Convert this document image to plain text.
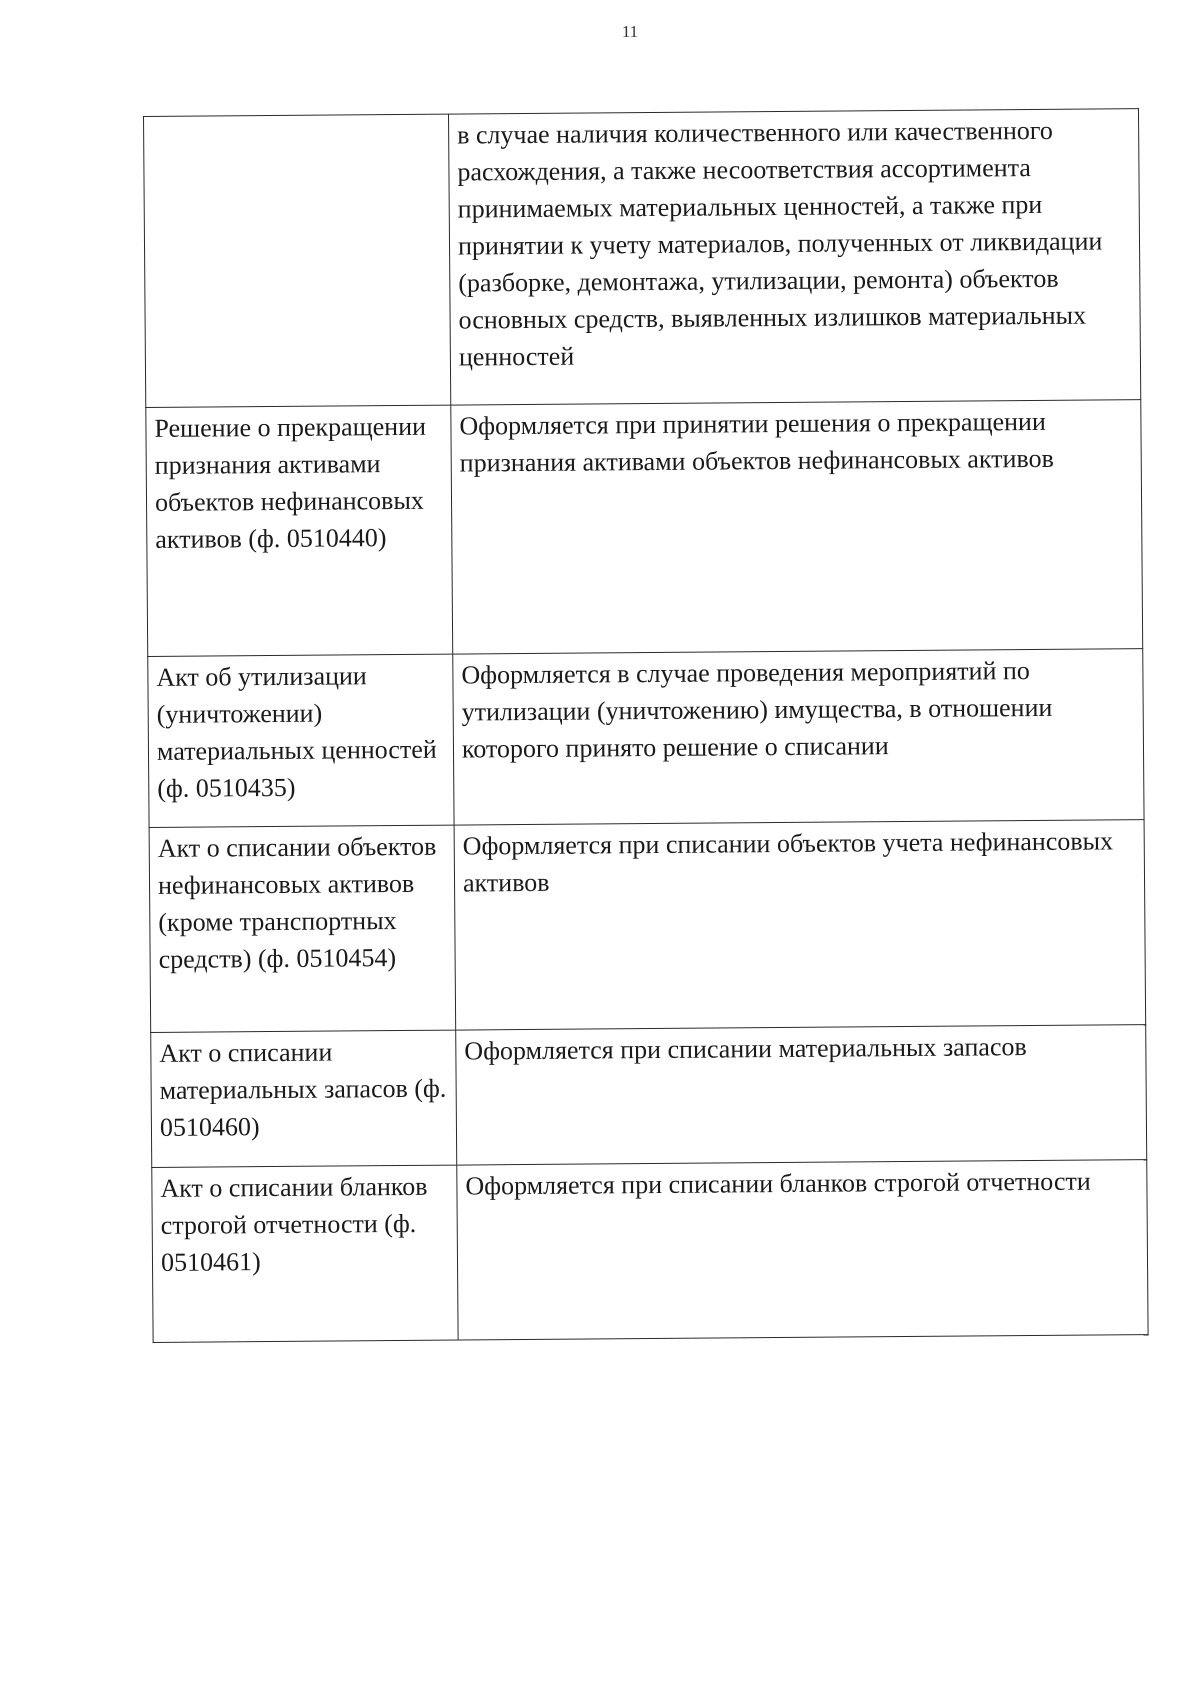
11

	в случае наличия количественного или качественного расхождения, а также несоответствия ассортимента принимаемых материальных ценностей, а также при принятии к учету материалов, полученных от ликвидации (разборке, демонтажа, утилизации, ремонта) объектов основных средств, выявленных излишков материальных ценностей

Решение о прекращении признания активами объектов нефинансовых активов (ф. 0510440)	Оформляется при принятии решения о прекращении признания активами объектов нефинансовых активов

Акт об утилизации (уничтожении) материальных ценностей (ф. 0510435)	Оформляется в случае проведения мероприятий по утилизации (уничтожению) имущества, в отношении которого принято решение о списании

Акт о списании объектов нефинансовых активов (кроме транспортных средств) (ф. 0510454)	Оформляется при списании объектов учета нефинансовых активов

Акт о списании материальных запасов (ф. 0510460)	Оформляется при списании материальных запасов

Акт о списании бланков строгой отчетности (ф. 0510461)	Оформляется при списании бланков строгой отчетности
